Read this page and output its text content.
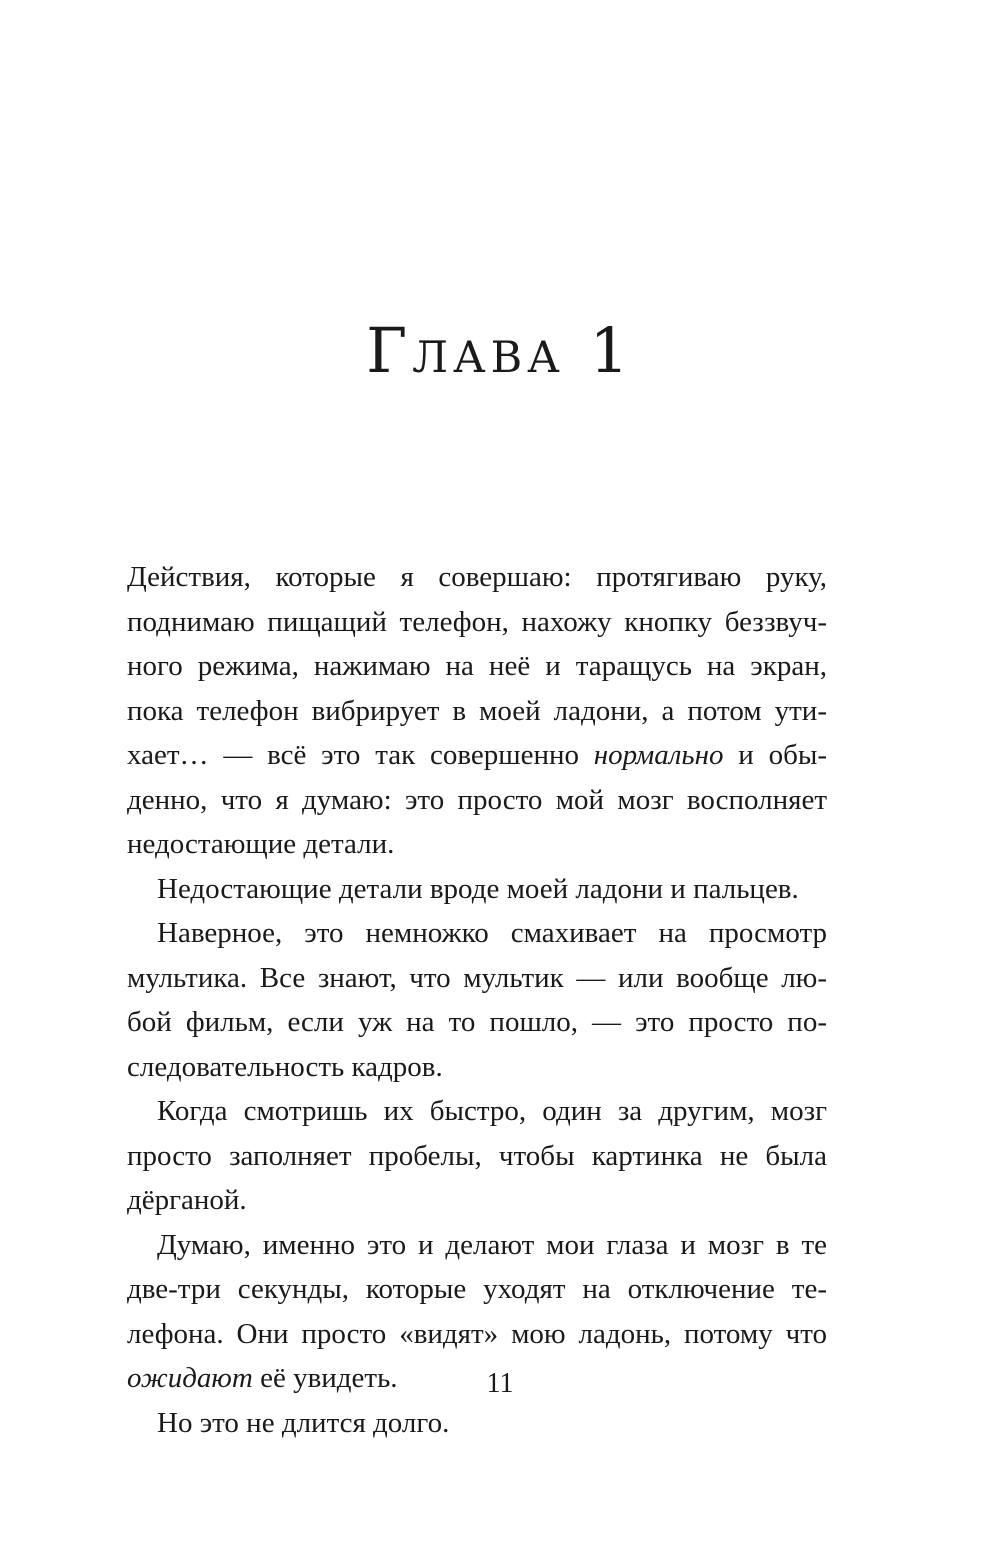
Глава 1

Действия, которые я совершаю: протягиваю руку,
поднимаю пищащий телефон, нахожу кнопку беззвуч-
ного режима, нажимаю на неё и таращусь на экран,
пока телефон вибрирует в моей ладони, а потом ути-
хает… — всё это так совершенно нормально и обы-
денно, что я думаю: это просто мой мозг восполняет
недостающие детали.

Недостающие детали вроде моей ладони и пальцев.

Наверное, это немножко смахивает на просмотр
мультика. Все знают, что мультик — или вообще лю-
бой фильм, если уж на то пошло, — это просто по-
следовательность кадров.

Когда смотришь их быстро, один за другим, мозг
просто заполняет пробелы, чтобы картинка не была
дёрганой.

Думаю, именно это и делают мои глаза и мозг в те
две-три секунды, которые уходят на отключение те-
лефона. Они просто «видят» мою ладонь, потому что
ожидают её увидеть.

Но это не длится долго.

11
